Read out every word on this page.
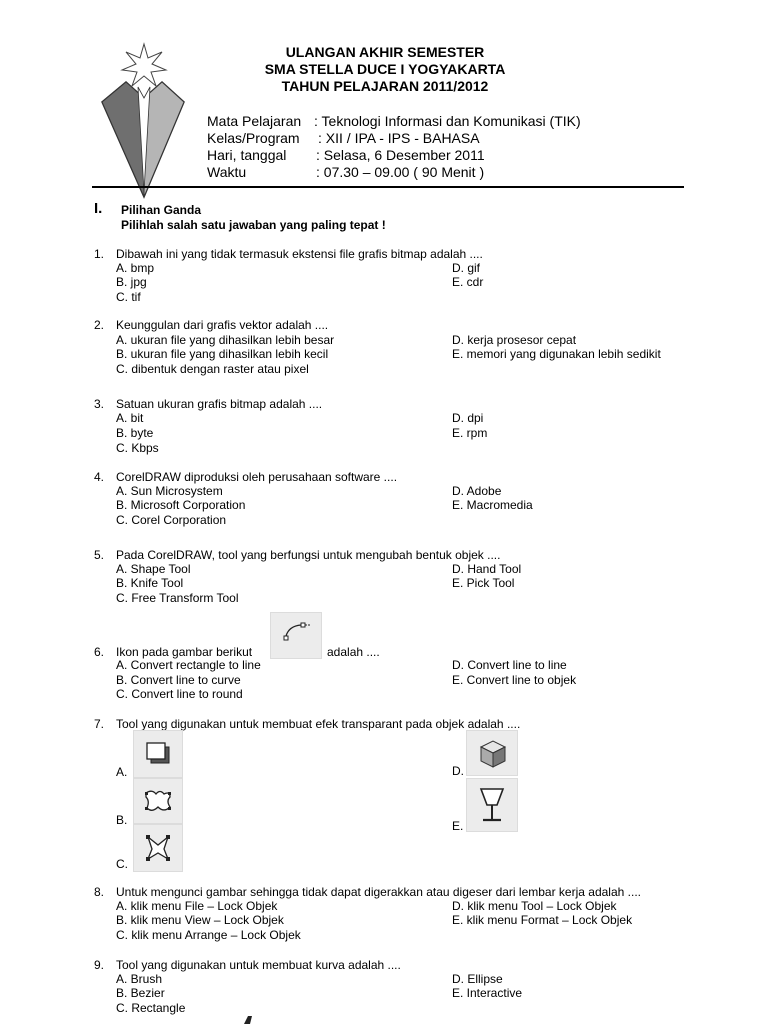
ULANGAN AKHIR SEMESTER
SMA STELLA DUCE I YOGYAKARTA
TAHUN PELAJARAN 2011/2012
Mata Pelajaran : Teknologi Informasi dan Komunikasi (TIK)
Kelas/Program : XII / IPA - IPS - BAHASA
Hari, tanggal : Selasa, 6 Desember 2011
Waktu	: 07.30 – 09.00 ( 90 Menit )
I. Pilihan Ganda
Pilihlah salah satu jawaban yang paling tepat !
1. Dibawah ini yang tidak termasuk ekstensi file grafis bitmap adalah ....
A. bmp
B. jpg
C. tif
D. gif
E. cdr
2. Keunggulan dari grafis vektor adalah ....
A. ukuran file yang dihasilkan lebih besar
B. ukuran file yang dihasilkan lebih kecil
C. dibentuk dengan raster atau pixel
D. kerja prosesor cepat
E. memori yang digunakan lebih sedikit
3. Satuan ukuran grafis bitmap adalah ....
A. bit
B. byte
C. Kbps
D. dpi
E. rpm
4. CorelDRAW diproduksi oleh perusahaan software ....
A. Sun Microsystem
B. Microsoft Corporation
C. Corel Corporation
D. Adobe
E. Macromedia
5. Pada CorelDRAW, tool yang berfungsi untuk mengubah bentuk objek ....
A. Shape Tool
B. Knife Tool
C. Free Transform Tool
D. Hand Tool
E. Pick Tool
6. Ikon pada gambar berikut	adalah ....
A. Convert rectangle to line
B. Convert line to curve
C. Convert line to round
D. Convert line to line
E. Convert line to objek
7. Tool yang digunakan untuk membuat efek transparant pada objek adalah ....
A.
B.
C.
D.
E.
8. Untuk mengunci gambar sehingga tidak dapat digerakkan atau digeser dari lembar kerja adalah ....
A. klik menu File – Lock Objek
B. klik menu View – Lock Objek
C. klik menu Arrange – Lock Objek
D. klik menu Tool – Lock Objek
E. klik menu Format – Lock Objek
9. Tool yang digunakan untuk membuat kurva adalah ....
A. Brush
B. Bezier
C. Rectangle
D. Ellipse
E. Interactive
